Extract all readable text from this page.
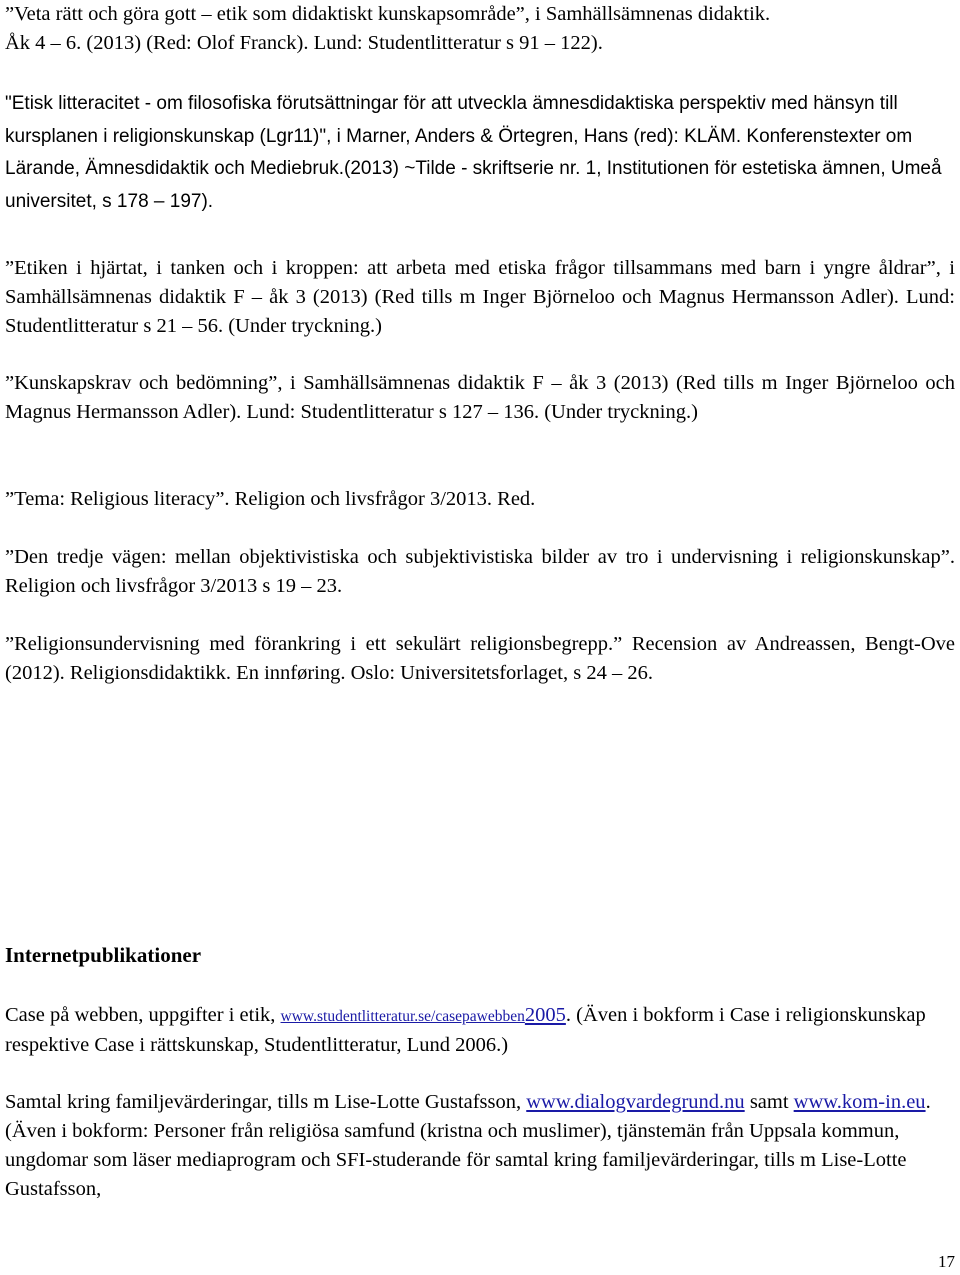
”Veta rätt och göra gott – etik som didaktiskt kunskapsområde”, i Samhällsämnenas didaktik.
Åk 4 – 6. (2013) (Red: Olof Franck). Lund: Studentlitteratur s 91 – 122).

"Etisk litteracitet - om filosofiska förutsättningar för att utveckla ämnesdidaktiska perspektiv med hänsyn till kursplanen i religionskunskap (Lgr11)", i Marner, Anders & Örtegren, Hans (red): KLÄM. Konferenstexter om Lärande, Ämnesdidaktik och Mediebruk.(2013) ~Tilde - skriftserie nr. 1, Institutionen för estetiska ämnen, Umeå universitet, s 178 – 197).

”Etiken i hjärtat, i tanken och i kroppen: att arbeta med etiska frågor tillsammans med barn i yngre åldrar”, i Samhällsämnenas didaktik F – åk 3 (2013) (Red tills m Inger Björneloo och Magnus Hermansson Adler). Lund: Studentlitteratur s 21 – 56. (Under tryckning.)

”Kunskapskrav och bedömning”, i Samhällsämnenas didaktik F – åk 3 (2013) (Red tills m Inger Björneloo och Magnus Hermansson Adler). Lund: Studentlitteratur s 127 – 136. (Under tryckning.)

”Tema: Religious literacy”. Religion och livsfrågor 3/2013. Red.

”Den tredje vägen: mellan objektivistiska och subjektivistiska bilder av tro i undervisning i religionskunskap”. Religion och livsfrågor 3/2013 s 19 – 23.

”Religionsundervisning med förankring i ett sekulärt religionsbegrepp.” Recension av Andreassen, Bengt-Ove (2012). Religionsdidaktikk. En innføring. Oslo: Universitetsforlaget, s 24 – 26.

Internetpublikationer

Case på webben, uppgifter i etik, www.studentlitteratur.se/casepawebben2005. (Även i bokform i Case i religionskunskap respektive Case i rättskunskap, Studentlitteratur, Lund 2006.)

Samtal kring familjevärderingar, tills m Lise-Lotte Gustafsson, www.dialogvardegrund.nu samt www.kom-in.eu. (Även i bokform: Personer från religiösa samfund (kristna och muslimer), tjänstemän från Uppsala kommun, ungdomar som läser mediaprogram och SFI-studerande för samtal kring familjevärderingar, tills m Lise-Lotte Gustafsson,

17
